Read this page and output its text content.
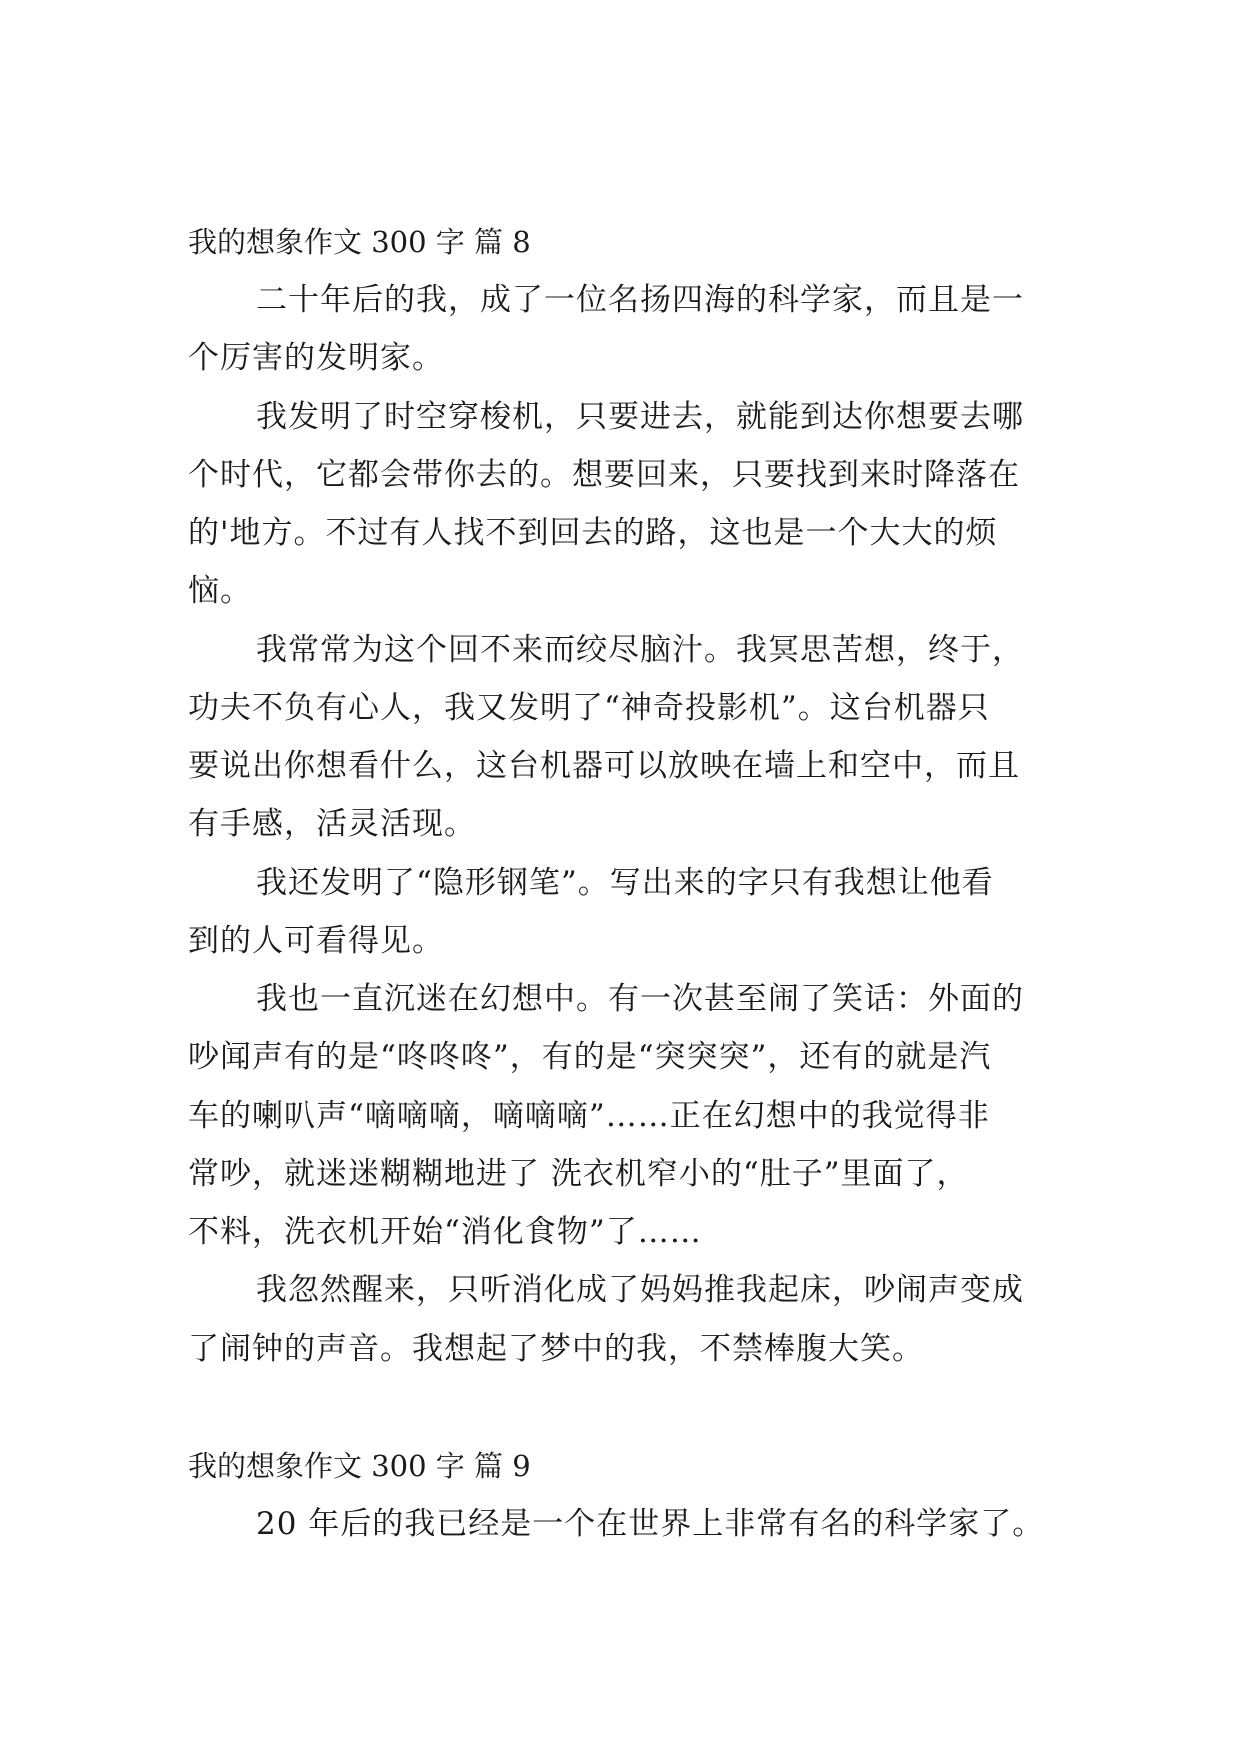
我的想象作文 300 字 篇 8
二十年后的我，成了一位名扬四海的科学家，而且是一
个厉害的发明家。
我发明了时空穿梭机，只要进去，就能到达你想要去哪
个时代，它都会带你去的。想要回来，只要找到来时降落在
的'地方。不过有人找不到回去的路，这也是一个大大的烦
恼。
我常常为这个回不来而绞尽脑汁。我冥思苦想，终于，
功夫不负有心人，我又发明了“神奇投影机”。这台机器只
要说出你想看什么，这台机器可以放映在墙上和空中，而且
有手感，活灵活现。
我还发明了“隐形钢笔”。写出来的字只有我想让他看
到的人可看得见。
我也一直沉迷在幻想中。有一次甚至闹了笑话：外面的
吵闻声有的是“咚咚咚”，有的是“突突突”，还有的就是汽
车的喇叭声“嘀嘀嘀，嘀嘀嘀”……正在幻想中的我觉得非
常吵，就迷迷糊糊地进了 洗衣机窄小的“肚子”里面了，
不料，洗衣机开始“消化食物”了……
我忽然醒来，只听消化成了妈妈推我起床，吵闹声变成
了闹钟的声音。我想起了梦中的我，不禁棒腹大笑。
我的想象作文 300 字 篇 9
20 年后的我已经是一个在世界上非常有名的科学家了。
